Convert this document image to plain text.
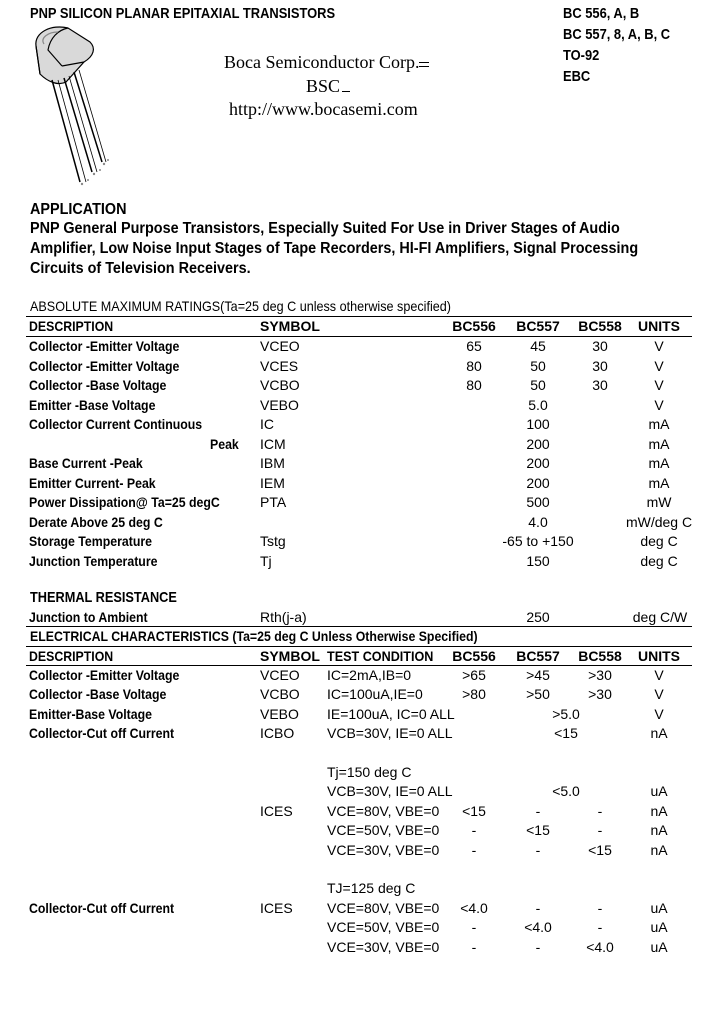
PNP SILICON PLANAR EPITAXIAL TRANSISTORS	BC 556, A, B
BC 557, 8, A, B, C
TO-92
EBC
Boca Semiconductor Corp.
BSC
http://www.bocasemi.com
APPLICATION
PNP General Purpose Transistors, Especially Suited For Use in Driver Stages of Audio
Amplifier, Low Noise Input Stages of Tape Recorders, HI-FI Amplifiers, Signal Processing
Circuits of Television Receivers.
ABSOLUTE MAXIMUM RATINGS(Ta=25 deg C unless otherwise specified)
DESCRIPTION	SYMBOL	BC556 BC557 BC558 UNITS
Collector -Emitter Voltage	VCEO	65	45	30	V
Collector -Emitter Voltage	VCES	80	50	30	V
Collector -Base Voltage	VCBO	80	50	30	V
Emitter -Base Voltage	VEBO	5.0	V
Collector Current Continuous	IC	100	mA
Peak ICM	200	mA
Base Current -Peak	IBM	200	mA
Emitter Current- Peak	IEM	200	mA
Power Dissipation@ Ta=25 degC	PTA	500	mW
Derate Above 25 deg C	4.0	mW/deg C
Storage Temperature	Tstg	-65 to +150	deg C
Junction Temperature	Tj	150	deg C
THERMAL RESISTANCE
Junction to Ambient	Rth(j-a)	250	deg C/W
ELECTRICAL CHARACTERISTICS (Ta=25 deg C Unless Otherwise Specified)
DESCRIPTION	SYMBOL TEST CONDITION BC556 BC557 BC558 UNITS
Collector -Emitter Voltage	VCEO IC=2mA,IB=0	>65	>45	>30	V
Collector -Base Voltage	VCBO IC=100uA,IE=0	>80	>50	>30	V
Emitter-Base Voltage	VEBO IE=100uA, IC=0 ALL	>5.0	V
Collector-Cut off Current	ICBO VCB=30V, IE=0 ALL	<15	nA
Tj=150 deg C
VCB=30V, IE=0 ALL	<5.0	uA
ICES VCE=80V, VBE=0 <15	-	-	nA
VCE=50V, VBE=0 -	<15	-	nA
VCE=30V, VBE=0 -	-	<15	nA
TJ=125 deg C
Collector-Cut off Current	ICES VCE=80V, VBE=0 <4.0	-	-	uA
VCE=50V, VBE=0 -	<4.0	-	uA
VCE=30V, VBE=0 -	-	<4.0	uA
